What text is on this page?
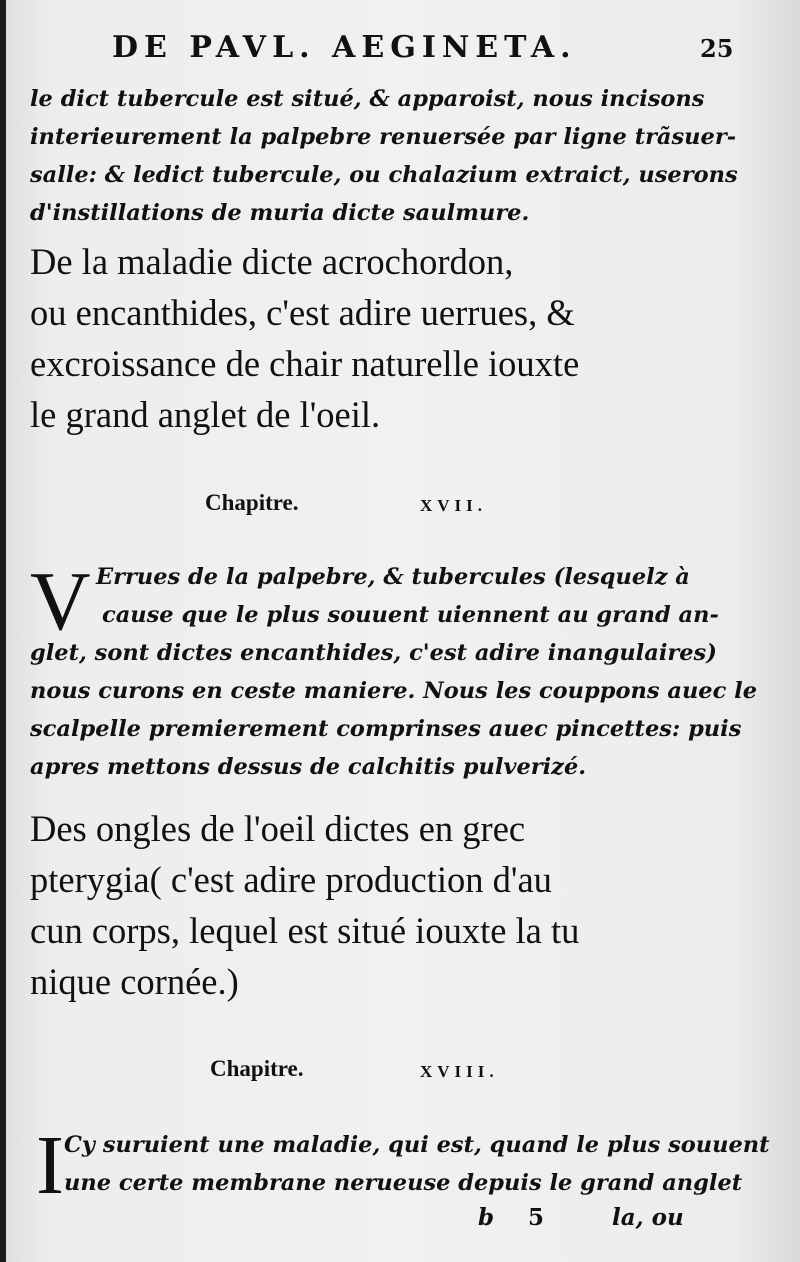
DE PAVL. AEGINETA.	25
le dict tubercule est situé, & apparoist, nous incisons
interieurement la palpebre renuersée par ligne trãsuer-
salle: & ledict tubercule, ou chalazium extraict, userons
d'instillations de muria dicte saulmure.
De la maladie dicte acrochordon,
ou encanthides, c'est adire uerrues, &
excroissance de chair naturelle iouxte
le grand anglet de l'oeil.
Chapitre.	XVII.
V Errues de la palpebre, & tubercules (lesquelz à
cause que le plus souuent uiennent au grand an-
glet, sont dictes encanthides, c'est adire inangulaires)
nous curons en ceste maniere. Nous les couppons auec le
scalpelle premierement comprinses auec pincettes: puis
apres mettons dessus de calchitis pulverizé.
Des ongles de l'oeil dictes en grec
pterygia( c'est adire production d'au
cun corps, lequel est situé iouxte la tu
nique cornée.)
Chapitre.	XVIII.
I Cy suruient une maladie, qui est, quand le plus souuent
une certe membrane nerueuse depuis le grand anglet
b 5	la, ou
